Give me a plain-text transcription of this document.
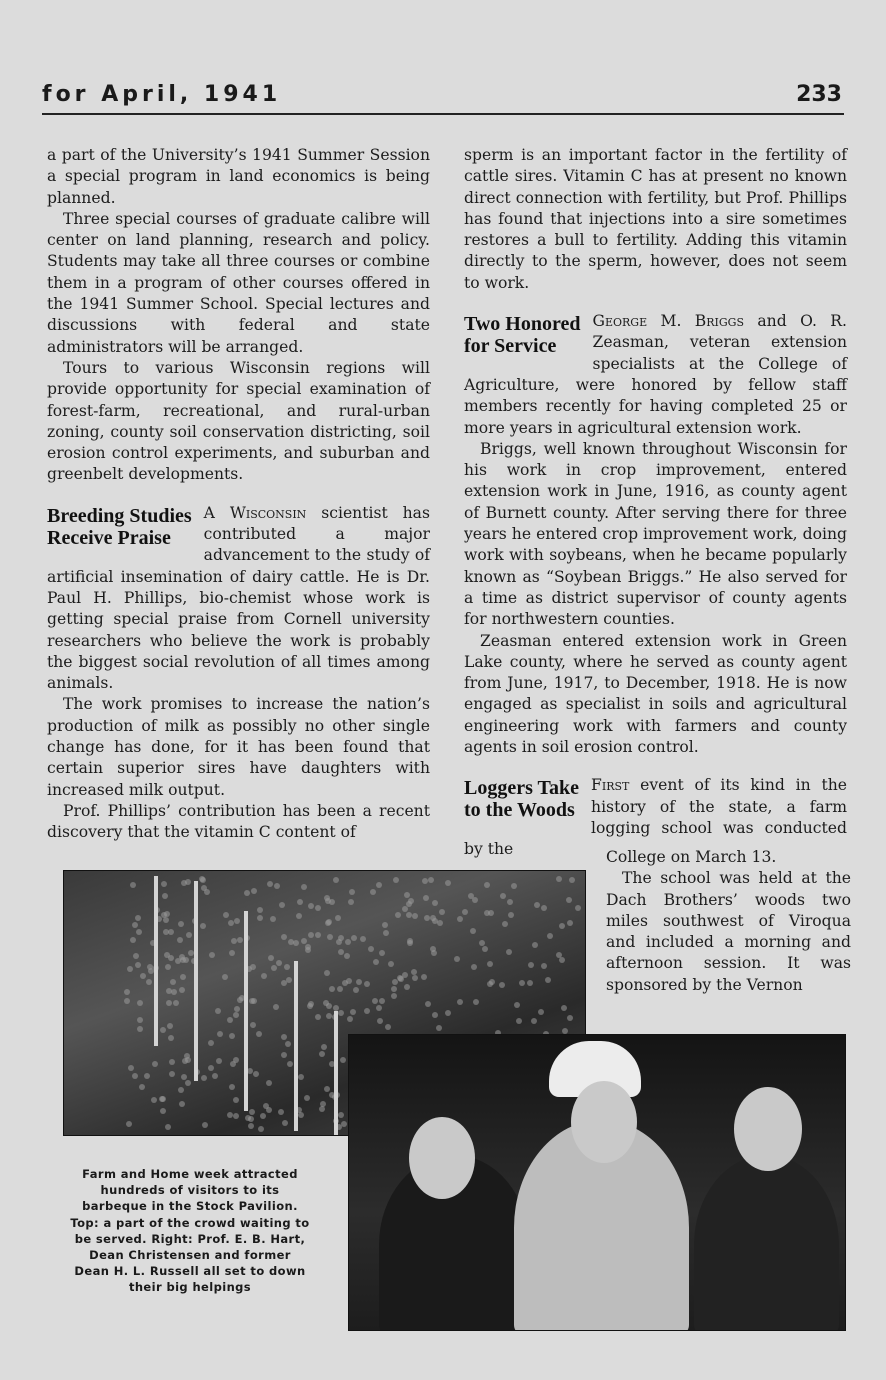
for April, 1941	233

a part of the University’s 1941 Summer Session a special program in land economics is being planned.

Three special courses of graduate calibre will center on land planning, research and policy. Students may take all three courses or combine them in a program of other courses offered in the 1941 Summer School. Special lectures and discussions with federal and state administrators will be arranged.

Tours to various Wisconsin regions will provide opportunity for special examination of forest-farm, recreational, and rural-urban zoning, county soil conservation districting, soil erosion control experiments, and suburban and greenbelt developments.

Breeding Studies
Receive Praise

A Wisconsin scientist has contributed a major advancement to the study of artificial insemination of dairy cattle. He is Dr. Paul H. Phillips, bio-chemist whose work is getting special praise from Cornell university researchers who believe the work is probably the biggest social revolution of all times among animals.

The work promises to increase the nation’s production of milk as possibly no other single change has done, for it has been found that certain superior sires have daughters with increased milk output.

Prof. Phillips’ contribution has been a recent discovery that the vitamin C content of

sperm is an important factor in the fertility of cattle sires. Vitamin C has at present no known direct connection with fertility, but Prof. Phillips has found that injections into a sire sometimes restores a bull to fertility. Adding this vitamin directly to the sperm, however, does not seem to work.

Two Honored
for Service

George M. Briggs and O. R. Zeasman, veteran extension specialists at the College of Agriculture, were honored by fellow staff members recently for having completed 25 or more years in agricultural extension work.

Briggs, well known throughout Wisconsin for his work in crop improvement, entered extension work in June, 1916, as county agent of Burnett county. After serving there for three years he entered crop improvement work, doing work with soybeans, when he became popularly known as “Soybean Briggs.” He also served for a time as district supervisor of county agents for northwestern counties.

Zeasman entered extension work in Green Lake county, where he served as county agent from June, 1917, to December, 1918. He is now engaged as specialist in soils and agricultural engineering work with farmers and county agents in soil erosion control.

Loggers Take
to the Woods

First event of its kind in the history of the state, a farm logging school was conducted by the	College on March 13.

The school was held at the Dach Brothers’ woods two miles southwest of Viroqua and included a morning and afternoon session. It was sponsored by the Vernon

Farm and Home week attracted hundreds of visitors to its barbeque in the Stock Pavilion. Top: a part of the crowd waiting to be served. Right: Prof. E. B. Hart, Dean Christensen and former Dean H. L. Russell all set to down their big helpings
